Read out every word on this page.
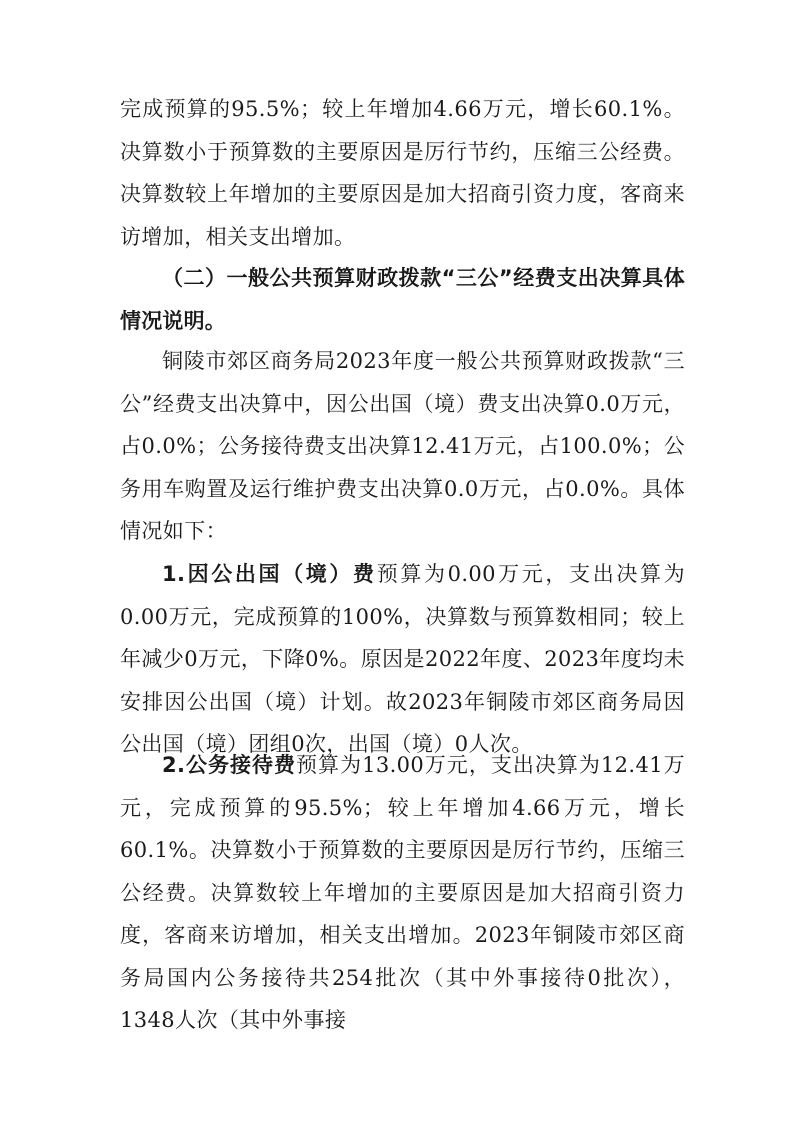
完成预算的95.5%；较上年增加4.66万元，增长60.1%。决算数小于预算数的主要原因是厉行节约，压缩三公经费。决算数较上年增加的主要原因是加大招商引资力度，客商来访增加，相关支出增加。

（二）一般公共预算财政拨款“三公”经费支出决算具体情况说明。

铜陵市郊区商务局2023年度一般公共预算财政拨款“三公”经费支出决算中，因公出国（境）费支出决算0.0万元，占0.0%；公务接待费支出决算12.41万元，占100.0%；公务用车购置及运行维护费支出决算0.0万元，占0.0%。具体情况如下：

1.因公出国（境）费预算为0.00万元，支出决算为0.00万元，完成预算的100%，决算数与预算数相同；较上年减少0万元，下降0%。原因是2022年度、2023年度均未安排因公出国（境）计划。故2023年铜陵市郊区商务局因公出国（境）团组0次，出国（境）0人次。

2.公务接待费预算为13.00万元，支出决算为12.41万元，完成预算的95.5%；较上年增加4.66万元，增长60.1%。决算数小于预算数的主要原因是厉行节约，压缩三公经费。决算数较上年增加的主要原因是加大招商引资力度，客商来访增加，相关支出增加。2023年铜陵市郊区商务局国内公务接待共254批次（其中外事接待0批次），1348人次（其中外事接
